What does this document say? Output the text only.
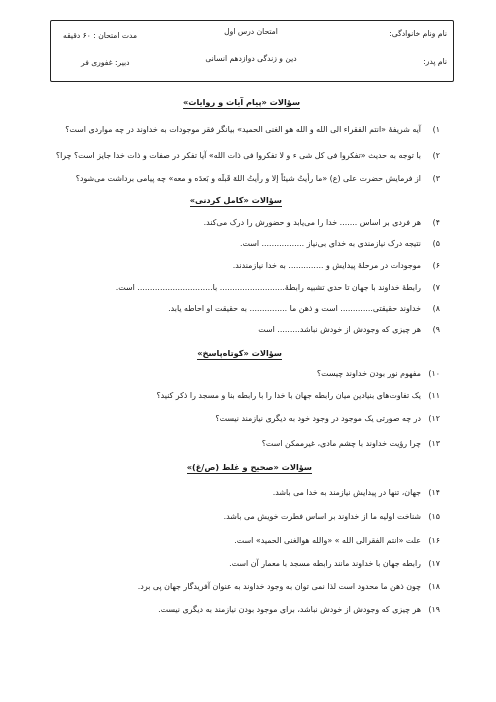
نام ونام خانوادگی:
نام پدر:
امتحان درس اول
دین و زندگی دوازدهم انسانی
مدت امتحان : ۶۰ دقیقه
دبیر: غفوری فر
سؤالات «پیام آیات و روایات»
۱)
آیه شریفهٔ «انتم الفقراء الی الله و الله هو الغنی الحمید» بیانگر فقر موجودات به خداوند در چه مواردی است؟
۲)
با توجه به حدیث «تفکروا فی کل شی ء و لا تفکروا فی ذات الله» آیا تفکر در صفات و ذات خدا جایز است؟ چرا؟
۳)
از فرمایش حضرت علی (ع) «ما رأیتُ شیئاً إلا و رأیتُ اللهَ قَبلَه و بَعدَه و معه» چه پیامی برداشت می‌شود؟
سؤالات «کامل کردنی»
۴)
هر فردی بر اساس ....... خدا را می‌یابد و حضورش را درک می‌کند.
۵)
نتیجه درک نیازمندی به خدای بی‌نیاز ................. است.
۶)
موجودات در مرحلهٔ پیدایش و .............. به خدا نیازمندند.
۷)
رابطهٔ خداوند با جهان تا حدی تشبیه رابطهٔ.......................... با.............................. است.
۸)
خداوند حقیقتی............. است و ذهن ما ............... به حقیقت او احاطه یابد.
۹)
هر چیزی که وجودش از خودش نباشد......... است
سؤالات «کوتاه‌پاسخ»
۱۰)
مفهوم نور بودن خداوند چیست؟
۱۱)
یک تفاوت‌های بنیادین میان رابطه جهان با خدا را با رابطه بنا و مسجد را ذکر کنید؟
۱۲)
در چه صورتی یک موجود در وجود خود به دیگری نیازمند نیست؟
۱۳)
چرا رؤیت خداوند با چشم مادی، غیرممکن است؟
سؤالات «صحیح و غلط (ص/غ)»
۱۴)
جهان، تنها در پیدایش نیازمند به خدا می باشد.
۱۵)
شناخت اولیه ما از خداوند بر اساس فطرت خویش می باشد.
۱۶)
علت «انتم الفقرالی الله » «والله هوالغنی الحمید» است.
۱۷)
رابطه جهان با خداوند مانند رابطه مسجد با معمار آن است.
۱۸)
چون ذهن ما محدود است لذا نمی توان به وجود خداوند به عنوان آفریدگار جهان پی برد.
۱۹)
هر چیزی که وجودش از خودش نباشد، برای موجود بودن نیازمند به دیگری نیست.
